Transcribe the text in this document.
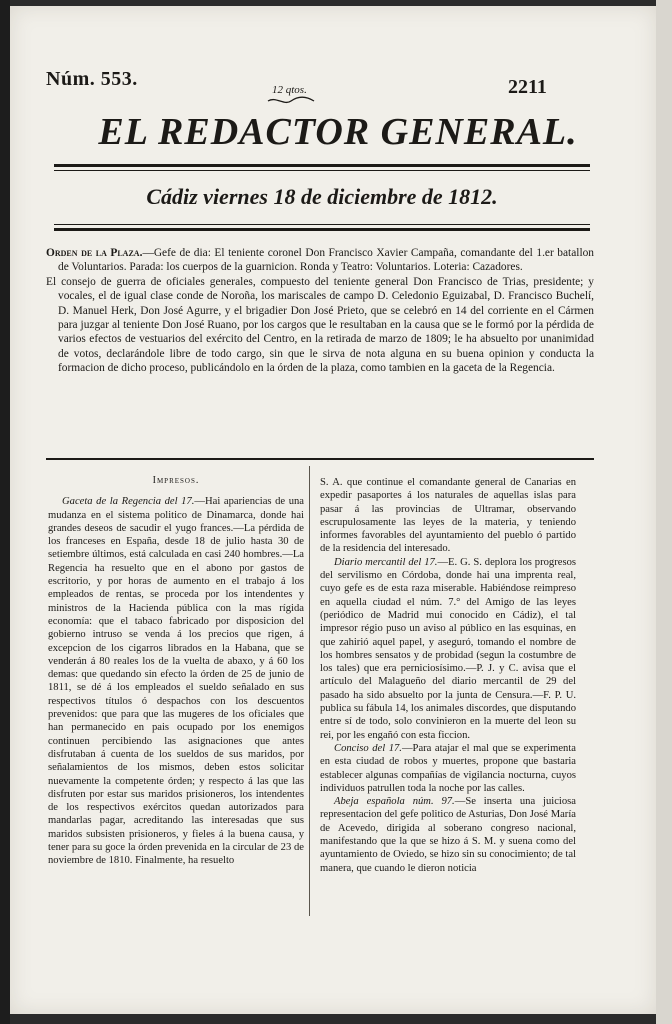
Núm. 553.	12 qtos.	2211
EL REDACTOR GENERAL.
Cádiz viernes 18 de diciembre de 1812.

Orden de la Plaza.—Gefe de dia: El teniente coronel Don Francisco Xavier Campaña, comandante del 1.er batallon de Voluntarios. Parada: los cuerpos de la guarnicion. Ronda y Teatro: Voluntarios. Loteria: Cazadores.

El consejo de guerra de oficiales generales, compuesto del teniente general Don Francisco de Trias, presidente; y vocales, el de igual clase conde de Noroña, los mariscales de campo D. Celedonio Eguizabal, D. Francisco Buchelí, D. Manuel Herk, Don José Agurre, y el brigadier Don José Prieto, que se celebró en 14 del corriente en el Cármen para juzgar al teniente Don José Ruano, por los cargos que le resultaban en la causa que se le formó por la pérdida de varios efectos de vestuarios del exército del Centro, en la retirada de marzo de 1809; le ha absuelto por unanimidad de votos, declarándole libre de todo cargo, sin que le sirva de nota alguna en su buena opinion y conducta la formacion de dicho proceso, publicándolo en la órden de la plaza, como tambien en la gaceta de la Regencia.

Impresos.

Gaceta de la Regencia del 17.—Hai apariencias de una mudanza en el sistema politico de Dinamarca, donde hai grandes deseos de sacudir el yugo frances.—La pérdida de los franceses en España, desde 18 de julio hasta 30 de setiembre últimos, está calculada en casi 240 hombres.—La Regencia ha resuelto que en el abono por gastos de escritorio, y por horas de aumento en el trabajo á los empleados de rentas, se proceda por los intendentes y ministros de la Hacienda pública con la mas rígida economía: que el tabaco fabricado por disposicion del gobierno intruso se venda á los precios que rigen, á excepcion de los cigarros librados en la Habana, que se venderán á 80 reales los de la vuelta de abaxo, y á 60 los demas: que quedando sin efecto la órden de 25 de junio de 1811, se dé á los empleados el sueldo señalado en sus respectivos títulos ó despachos con los descuentos prevenidos: que para que las mugeres de los oficiales que han permanecido en pais ocupado por los enemigos continuen percibiendo las asignaciones que antes disfrutaban á cuenta de los sueldos de sus maridos, por señalamientos de los mismos, deben estos solicitar nuevamente la competente órden; y respecto á las que las disfruten por estar sus maridos prisioneros, los intendentes de los respectivos exércitos quedan autorizados para mandarlas pagar, acreditando las interesadas que sus maridos subsisten prisioneros, y fieles á la buena causa, y tener para su goce la órden prevenida en la circular de 23 de noviembre de 1810. Finalmente, ha resuelto

S. A. que continue el comandante general de Canarias en expedir pasaportes á los naturales de aquellas islas para pasar á las provincias de Ultramar, observando escrupulosamente las leyes de la materia, y teniendo informes favorables del ayuntamiento del pueblo ó partido de la residencia del interesado.

Diario mercantil del 17.—E. G. S. deplora los progresos del servilismo en Córdoba, donde hai una imprenta real, cuyo gefe es de esta raza miserable. Habiéndose reimpreso en aquella ciudad el núm. 7.° del Amigo de las leyes (periódico de Madrid mui conocido en Cádiz), el tal impresor régio puso un aviso al público en las esquinas, en que zahirió aquel papel, y aseguró, tomando el nombre de los hombres sensatos y de probidad (segun la costumbre de los tales) que era perniciosísimo.—P. J. y C. avisa que el artículo del Malagueño del diario mercantil de 29 del pasado ha sido absuelto por la junta de Censura.—F. P. U. publica su fábula 14, los animales discordes, que disputando entre sí de todo, solo convinieron en la muerte del leon su rei, por les engañó con esta ficcion.

Conciso del 17.—Para atajar el mal que se experimenta en esta ciudad de robos y muertes, propone que bastaria establecer algunas compañías de vigilancia nocturna, cuyos individuos patrullen toda la noche por las calles.

Abeja española núm. 97.—Se inserta una juiciosa representacion del gefe politico de Asturias, Don José María de Acevedo, dirigida al soberano congreso nacional, manifestando que la que se hizo á S. M. y suena como del ayuntamiento de Oviedo, se hizo sin su conocimiento; de tal manera, que cuando le dieron noticia
